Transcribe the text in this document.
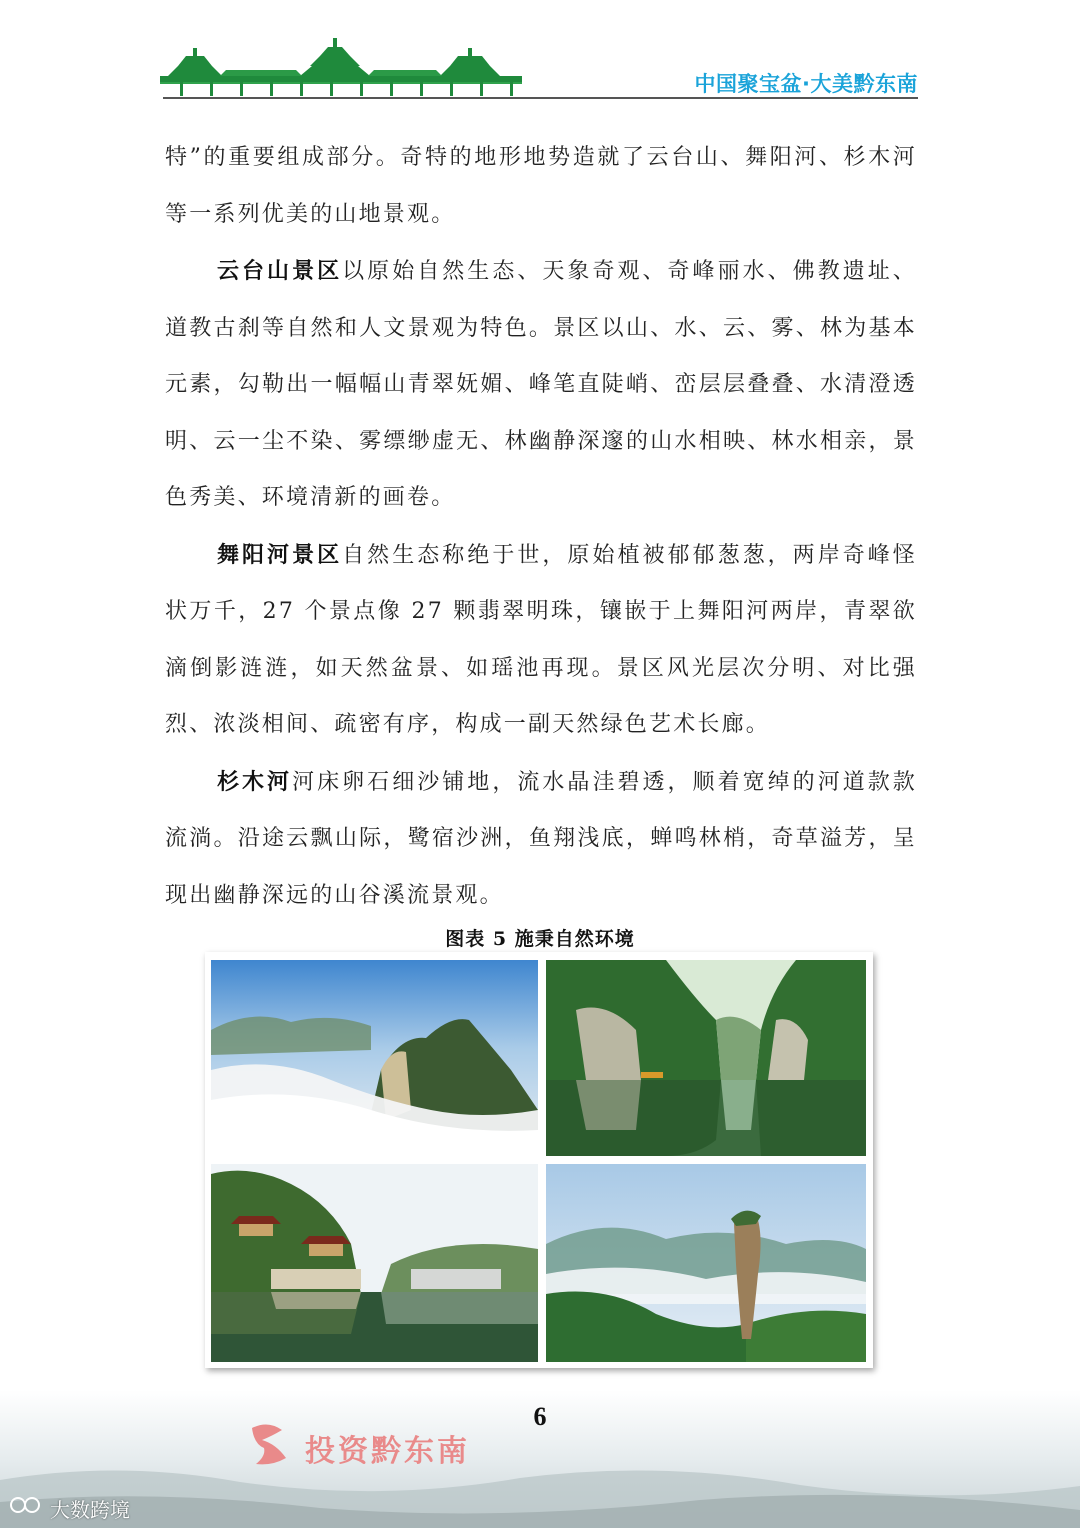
中国聚宝盆·大美黔东南

特”的重要组成部分。奇特的地形地势造就了云台山、舞阳河、杉木河等一系列优美的山地景观。

云台山景区以原始自然生态、天象奇观、奇峰丽水、佛教遗址、道教古刹等自然和人文景观为特色。景区以山、水、云、雾、林为基本元素，勾勒出一幅幅山青翠妩媚、峰笔直陡峭、峦层层叠叠、水清澄透明、云一尘不染、雾缥缈虚无、林幽静深邃的山水相映、林水相亲，景色秀美、环境清新的画卷。

舞阳河景区自然生态称绝于世，原始植被郁郁葱葱，两岸奇峰怪状万千，27 个景点像 27 颗翡翠明珠，镶嵌于上舞阳河两岸，青翠欲滴倒影涟涟，如天然盆景、如瑶池再现。景区风光层次分明、对比强烈、浓淡相间、疏密有序，构成一副天然绿色艺术长廊。

杉木河河床卵石细沙铺地，流水晶洼碧透，顺着宽绰的河道款款流淌。沿途云飘山际，鹭宿沙洲，鱼翔浅底，蝉鸣林梢，奇草溢芳，呈现出幽静深远的山谷溪流景观。

图表 5 施秉自然环境
6
投资黔东南
大数跨境
